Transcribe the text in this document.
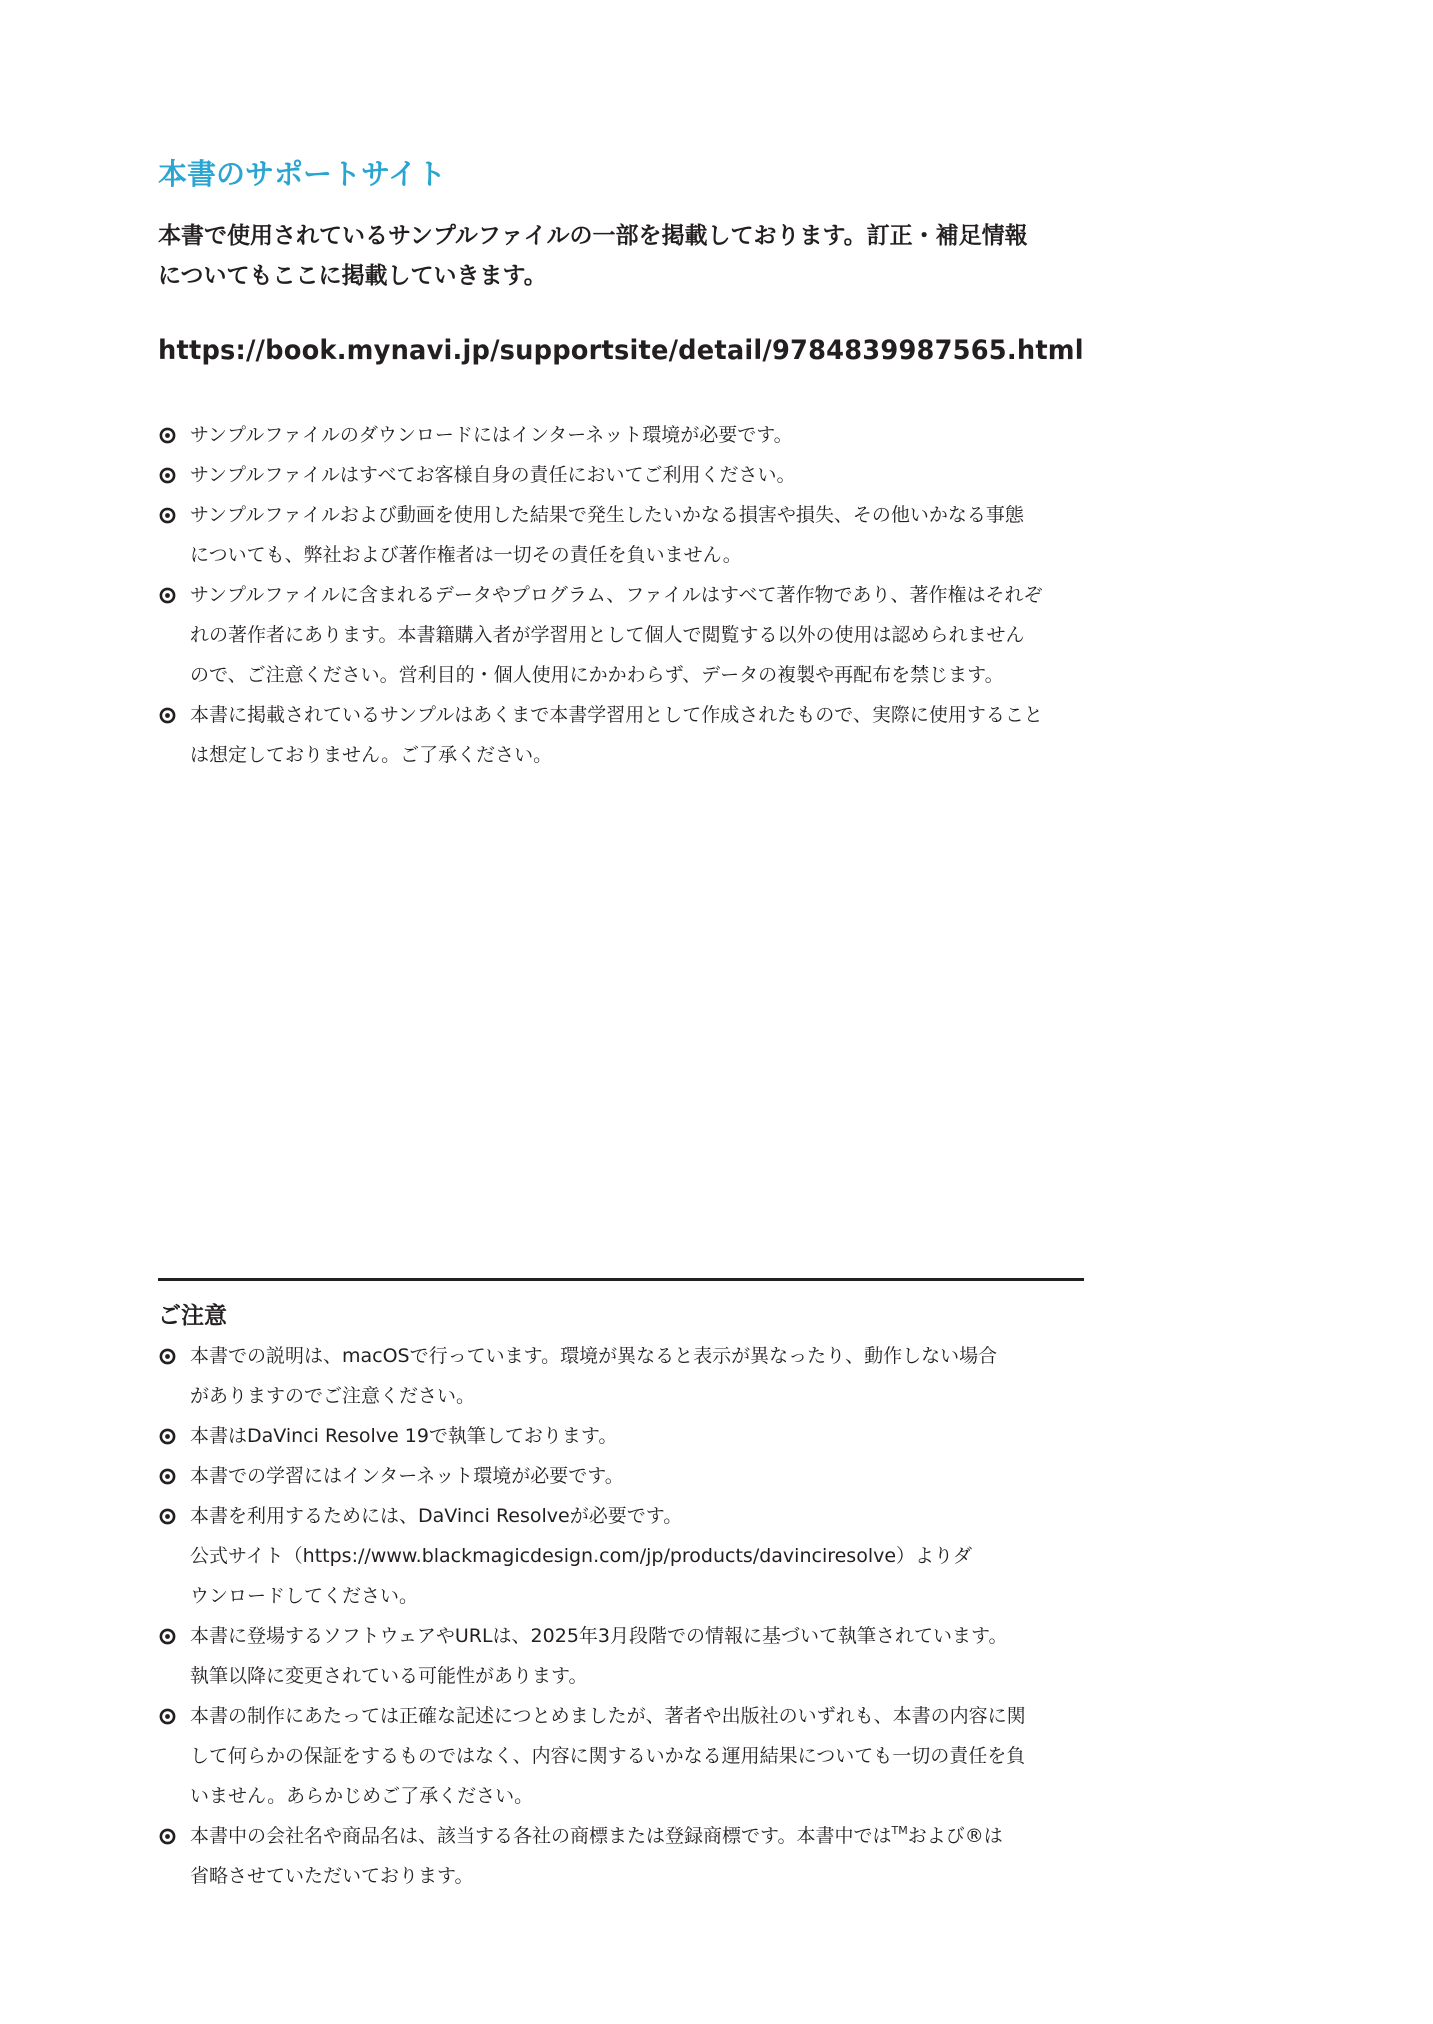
本書のサポートサイト
本書で使用されているサンプルファイルの一部を掲載しております。訂正・補足情報
についてもここに掲載していきます。
https://book.mynavi.jp/supportsite/detail/9784839987565.html
サンプルファイルのダウンロードにはインターネット環境が必要です。
サンプルファイルはすべてお客様自身の責任においてご利用ください。
サンプルファイルおよび動画を使用した結果で発生したいかなる損害や損失、その他いかなる事態
についても、弊社および著作権者は一切その責任を負いません。
サンプルファイルに含まれるデータやプログラム、ファイルはすべて著作物であり、著作権はそれぞ
れの著作者にあります。本書籍購入者が学習用として個人で閲覧する以外の使用は認められません
ので、ご注意ください。営利目的・個人使用にかかわらず、データの複製や再配布を禁じます。
本書に掲載されているサンプルはあくまで本書学習用として作成されたもので、実際に使用すること
は想定しておりません。ご了承ください。
ご注意
本書での説明は、macOSで行っています。環境が異なると表示が異なったり、動作しない場合
がありますのでご注意ください。
本書はDaVinci Resolve 19で執筆しております。
本書での学習にはインターネット環境が必要です。
本書を利用するためには、DaVinci Resolveが必要です。
公式サイト（https://www.blackmagicdesign.com/jp/products/davinciresolve）よりダ
ウンロードしてください。
本書に登場するソフトウェアやURLは、2025年3月段階での情報に基づいて執筆されています。
執筆以降に変更されている可能性があります。
本書の制作にあたっては正確な記述につとめましたが、著者や出版社のいずれも、本書の内容に関
して何らかの保証をするものではなく、内容に関するいかなる運用結果についても一切の責任を負
いません。あらかじめご了承ください。
本書中の会社名や商品名は、該当する各社の商標または登録商標です。本書中では™および®は
省略させていただいております。
